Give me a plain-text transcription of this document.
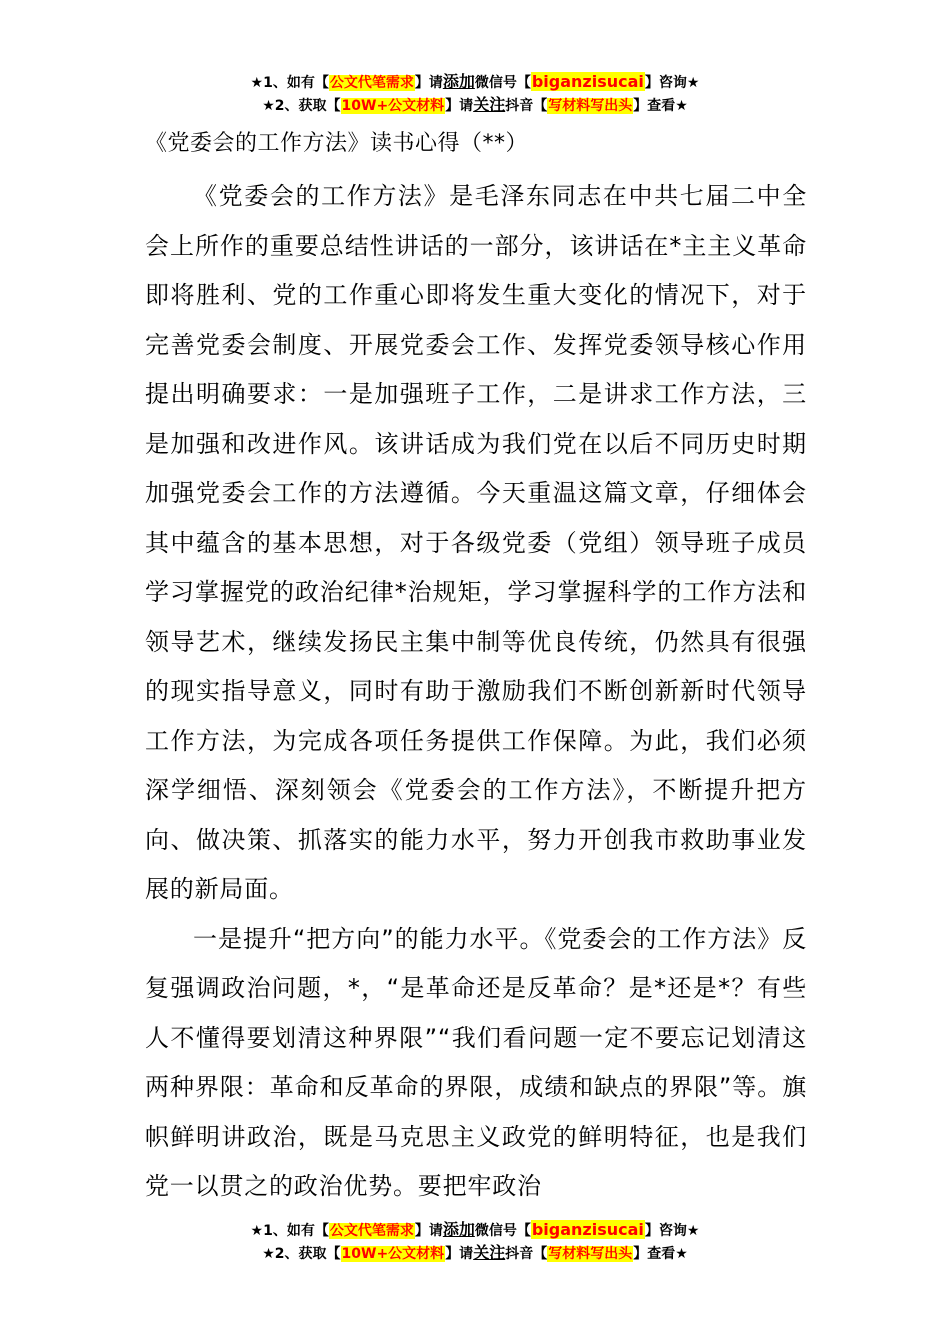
★1、如有【公文代笔需求】请添加微信号【biganzisucai】咨询★
★2、获取【10W+公文材料】请关注抖音【写材料写出头】查看★
《党委会的工作方法》读书心得（**）

《党委会的工作方法》是毛泽东同志在中共七届二中全会上所作的重要总结性讲话的一部分，该讲话在*主主义革命即将胜利、党的工作重心即将发生重大变化的情况下，对于完善党委会制度、开展党委会工作、发挥党委领导核心作用提出明确要求：一是加强班子工作，二是讲求工作方法，三是加强和改进作风。该讲话成为我们党在以后不同历史时期加强党委会工作的方法遵循。今天重温这篇文章，仔细体会其中蕴含的基本思想，对于各级党委（党组）领导班子成员学习掌握党的政治纪律*治规矩，学习掌握科学的工作方法和领导艺术，继续发扬民主集中制等优良传统，仍然具有很强的现实指导意义，同时有助于激励我们不断创新新时代领导工作方法，为完成各项任务提供工作保障。为此，我们必须深学细悟、深刻领会《党委会的工作方法》，不断提升把方向、做决策、抓落实的能力水平，努力开创我市救助事业发展的新局面。

一是提升“把方向”的能力水平。《党委会的工作方法》反复强调政治问题，*，“是革命还是反革命？是*还是*？有些人不懂得要划清这种界限”“我们看问题一定不要忘记划清这两种界限：革命和反革命的界限，成绩和缺点的界限”等。旗帜鲜明讲政治，既是马克思主义政党的鲜明特征，也是我们党一以贯之的政治优势。要把牢政治

★1、如有【公文代笔需求】请添加微信号【biganzisucai】咨询★
★2、获取【10W+公文材料】请关注抖音【写材料写出头】查看★
